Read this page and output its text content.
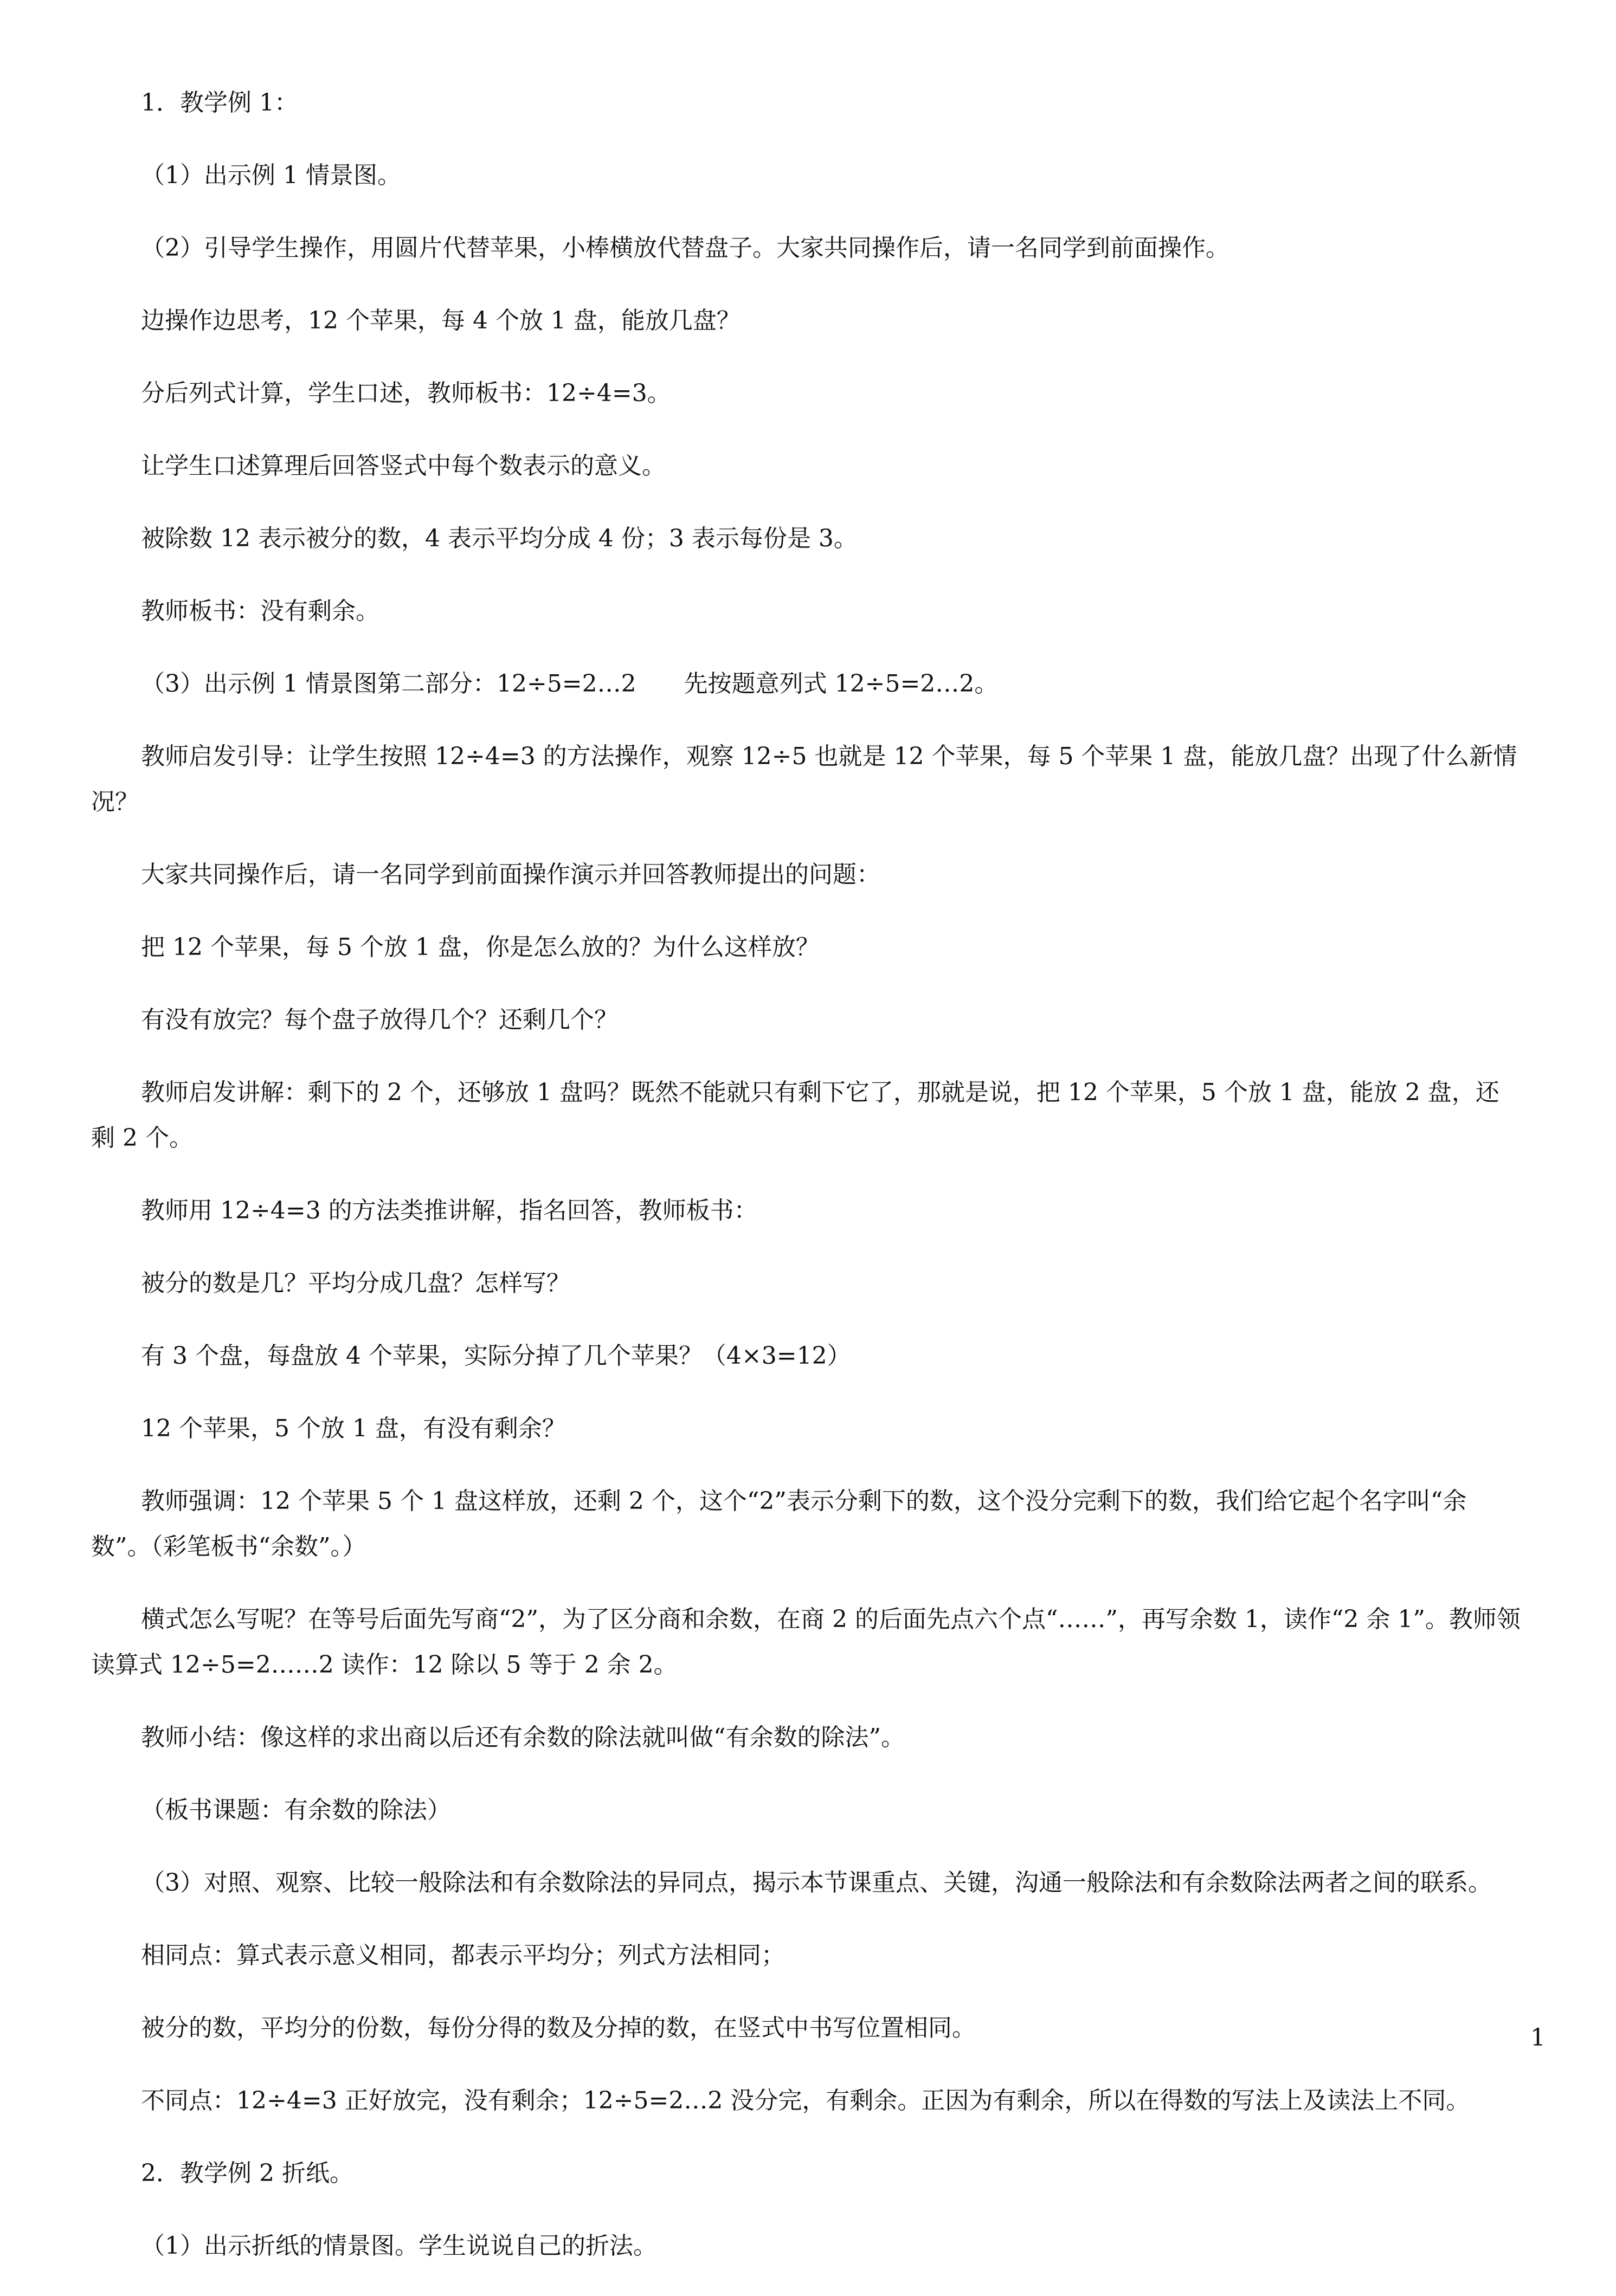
1．教学例 1：

（1）出示例 1 情景图。

（2）引导学生操作，用圆片代替苹果，小棒横放代替盘子。大家共同操作后，请一名同学到前面操作。

边操作边思考，12 个苹果，每 4 个放 1 盘，能放几盘？

分后列式计算，学生口述，教师板书：12÷4=3。

让学生口述算理后回答竖式中每个数表示的意义。

被除数 12 表示被分的数，4 表示平均分成 4 份；3 表示每份是 3。

教师板书：没有剩余。

（3）出示例 1 情景图第二部分：12÷5=2…2　　先按题意列式 12÷5=2…2。

教师启发引导：让学生按照 12÷4=3 的方法操作，观察 12÷5 也就是 12 个苹果，每 5 个苹果 1 盘，能放几盘？出现了什么新情况？

大家共同操作后，请一名同学到前面操作演示并回答教师提出的问题：

把 12 个苹果，每 5 个放 1 盘，你是怎么放的？为什么这样放？

有没有放完？每个盘子放得几个？还剩几个？

教师启发讲解：剩下的 2 个，还够放 1 盘吗？既然不能就只有剩下它了，那就是说，把 12 个苹果，5 个放 1 盘，能放 2 盘，还剩 2 个。

教师用 12÷4=3 的方法类推讲解，指名回答，教师板书：

被分的数是几？平均分成几盘？怎样写？

有 3 个盘，每盘放 4 个苹果，实际分掉了几个苹果？（4×3=12）

12 个苹果，5 个放 1 盘，有没有剩余？

教师强调：12 个苹果 5 个 1 盘这样放，还剩 2 个，这个“2”表示分剩下的数，这个没分完剩下的数，我们给它起个名字叫“余数”。（彩笔板书“余数”。）

横式怎么写呢？在等号后面先写商“2”，为了区分商和余数，在商 2 的后面先点六个点“……”，再写余数 1，读作“2 余 1”。教师领读算式 12÷5=2……2 读作：12 除以 5 等于 2 余 2。

教师小结：像这样的求出商以后还有余数的除法就叫做“有余数的除法”。

（板书课题：有余数的除法）

（3）对照、观察、比较一般除法和有余数除法的异同点，揭示本节课重点、关键，沟通一般除法和有余数除法两者之间的联系。

相同点：算式表示意义相同，都表示平均分；列式方法相同；

被分的数，平均分的份数，每份分得的数及分掉的数，在竖式中书写位置相同。

不同点：12÷4=3 正好放完，没有剩余；12÷5=2…2 没分完，有剩余。正因为有剩余，所以在得数的写法上及读法上不同。

2．教学例 2 折纸。

（1）出示折纸的情景图。学生说说自己的折法。

1
